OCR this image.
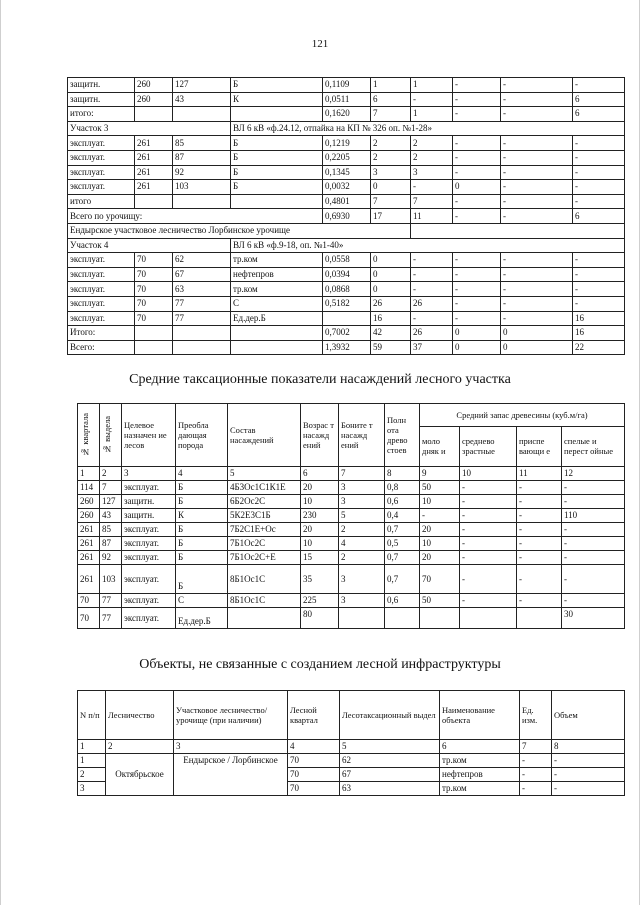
121
защитн.	260	127	Б	0,1109	1	1	-	-	-
защитн.	260	43	К	0,0511	6	-	-	-	6
итого:				0,1620	7	1	-	-	6
Участок 3			ВЛ 6 кВ «ф.24.12, отпайка на КП № 326 оп. №1-28»						
эксплуат.	261	85	Б	0,1219	2	2	-	-	-
эксплуат.	261	87	Б	0,2205	2	2	-	-	-
эксплуат.	261	92	Б	0,1345	3	3	-	-	-
эксплуат.	261	103	Б	0,0032	0	-	0	-	-
итого				0,4801	7	7	-	-	-
Всего по урочищу:				0,6930	17	11	-	-	6
Ендырское участковое лесничество Лорбинское урочище									
Участок 4			ВЛ 6 кВ «ф.9-18, оп. №1-40»						
эксплуат.	70	62	тр.ком	0,0558	0	-	-	-	-
эксплуат.	70	67	нефтепров	0,0394	0	-	-	-	-
эксплуат.	70	63	тр.ком	0,0868	0	-	-	-	-
эксплуат.	70	77	С	0,5182	26	26	-	-	-
эксплуат.	70	77	Ед.дер.Б		16	-	-	-	16
Итого:				0,7002	42	26	0	0	16
Всего:				1,3932	59	37	0	0	22
Средние таксационные показатели насаждений лесного участка
№ квартала	№ выдела	Целевое назначен ие лесов	Преобла дающая порода	Состав насаждений	Возрас т насажд ений	Боните т насажд ений	Полн ота древо стоев	Средний запас древесины (куб.м/га)			
								моло дняк и	среднево зрастные	приспе вающи е	спелые и перест ойные
1	2	3	4	5	6	7	8	9	10	11	12
114	7	эксплуат.	Б	4Б3Ос1С1К1Е	20	3	0,8	50	-	-	-
260	127	защитн.	Б	6Б2Ос2С	10	3	0,6	10	-	-	-
260	43	защитн.	К	5К2Е3С1Б	230	5	0,4	-	-	-	110
261	85	эксплуат.	Б	7Б2С1Е+Ос	20	2	0,7	20	-	-	-
261	87	эксплуат.	Б	7Б1Ос2С	10	4	0,5	10	-	-	-
261	92	эксплуат.	Б	7Б1Ос2С+Е	15	2	0,7	20	-	-	-
261	103	эксплуат.	Б	8Б1Ос1С	35	3	0,7	70	-	-	-
70	77	эксплуат.	С	8Б1Ос1С	225	3	0,6	50	-	-	-
70	77	эксплуат.	Ед.дер.Б		80						30
Объекты, не связанные с созданием лесной инфраструктуры
N п/п	Лесничество	Участковое лесничество/урочище (при наличии)	Лесной квартал	Лесотаксационный выдел	Наименование объекта	Ед. изм.	Объем
1	2	3	4	5	6	7	8
1	Октябрьское	Ендырское / Лорбинское	70	62	тр.ком	-	-
2			70	67	нефтепров	-	-
3			70	63	тр.ком	-	-
